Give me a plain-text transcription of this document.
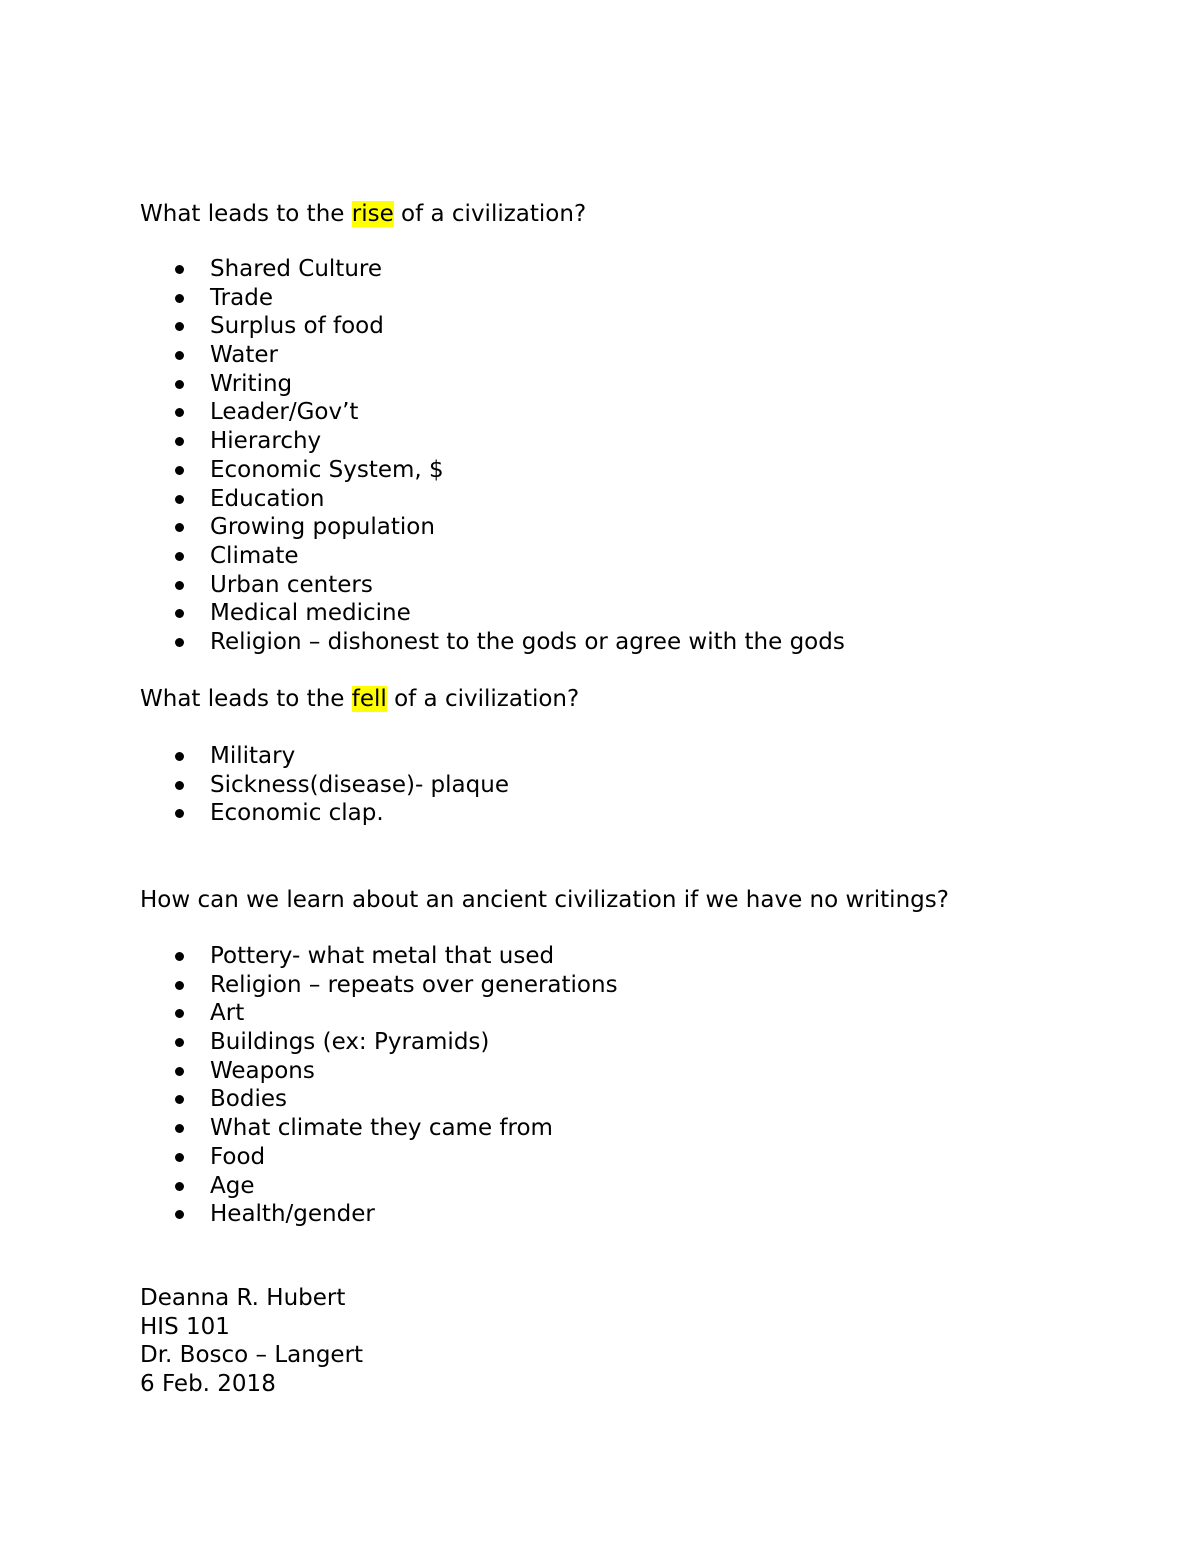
What leads to the rise of a civilization?

Shared Culture
Trade
Surplus of food
Water
Writing
Leader/Gov’t
Hierarchy
Economic System, $
Education
Growing population
Climate
Urban centers
Medical medicine
Religion – dishonest to the gods or agree with the gods

What leads to the fell of a civilization?

Military
Sickness(disease)- plaque
Economic clap.

How can we learn about an ancient civilization if we have no writings?

Pottery- what metal that used
Religion – repeats over generations
Art
Buildings (ex: Pyramids)
Weapons
Bodies
What climate they came from
Food
Age
Health/gender
Deanna R. Hubert
HIS 101
Dr. Bosco – Langert
6 Feb. 2018
